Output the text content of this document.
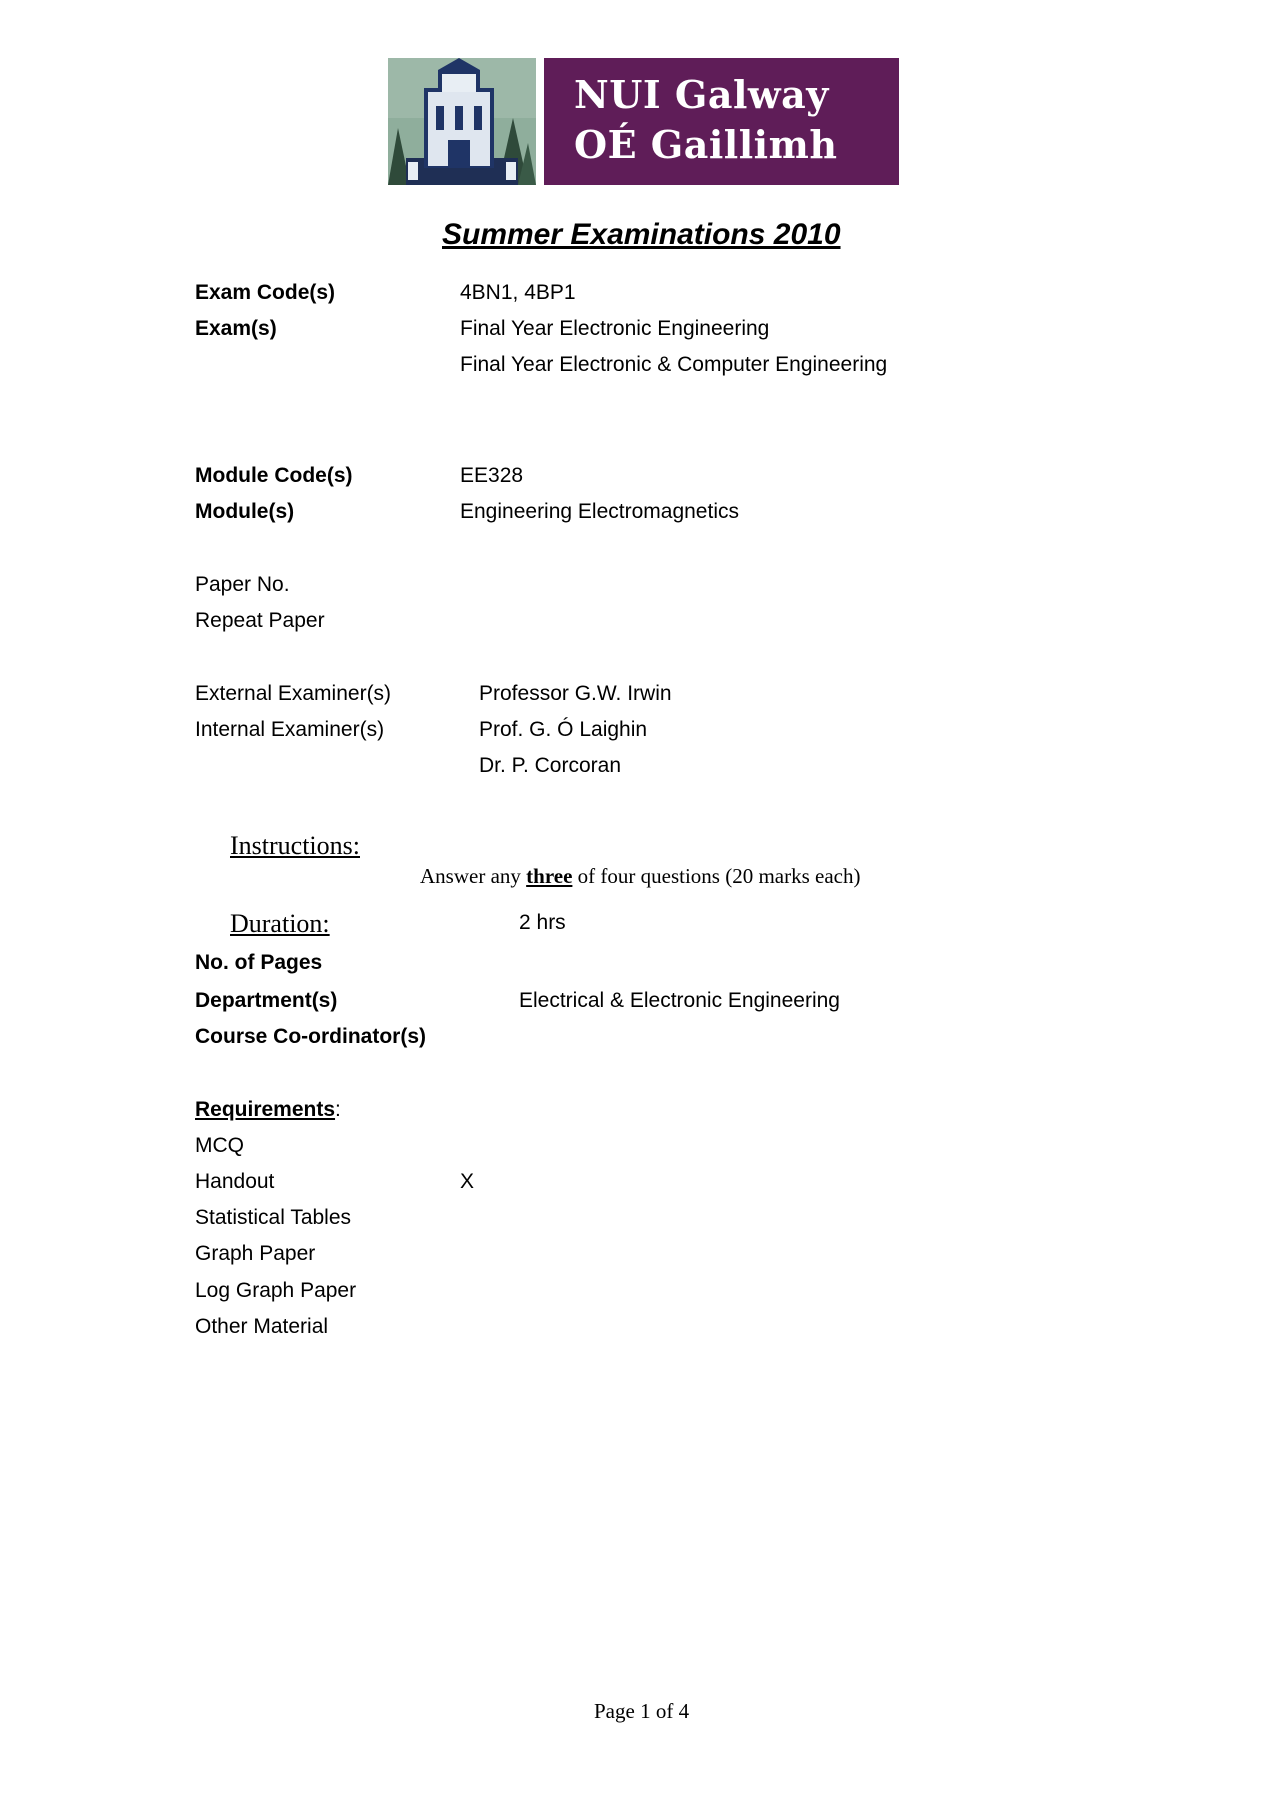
NUI Galway
OÉ Gaillimh
Summer Examinations 2010
Exam Code(s)	4BN1, 4BP1
Exam(s)	Final Year Electronic Engineering
Final Year Electronic & Computer Engineering
Module Code(s)	EE328
Module(s)	Engineering Electromagnetics
Paper No.
Repeat Paper
External Examiner(s)	Professor G.W. Irwin
Internal Examiner(s)	Prof. G. Ó Laighin
Dr. P. Corcoran
Instructions:
Answer any three of four questions (20 marks each)
Duration:	2 hrs
No. of Pages
Department(s)	Electrical & Electronic Engineering
Course Co-ordinator(s)
Requirements:
MCQ
Handout	X
Statistical Tables
Graph Paper
Log Graph Paper
Other Material
Page 1 of 4
